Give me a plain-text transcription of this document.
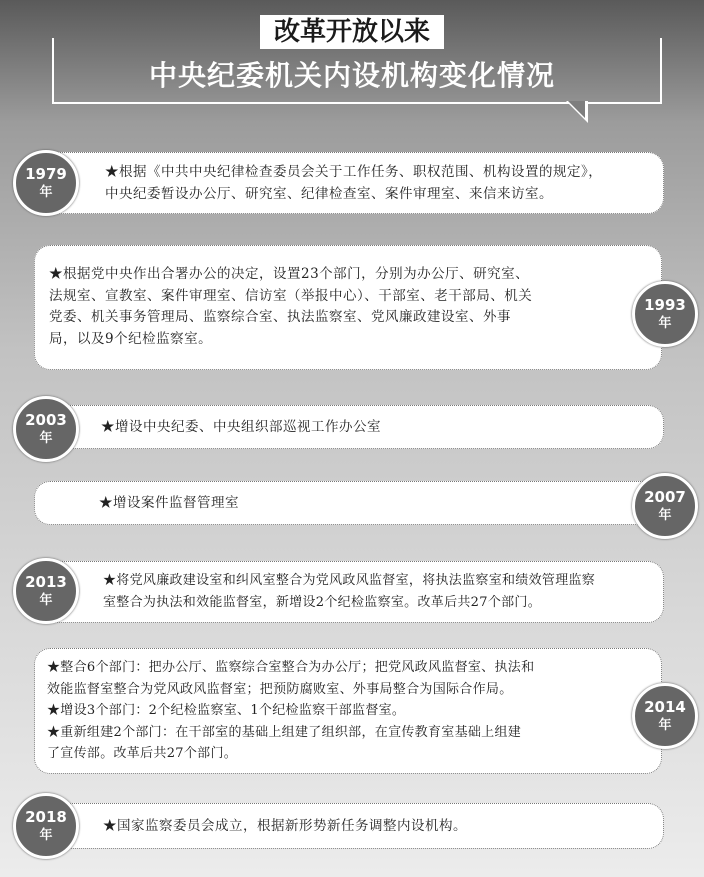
改革开放以来
中央纪委机关内设机构变化情况
★根据《中共中央纪律检查委员会关于工作任务、职权范围、机构设置的规定》，
中央纪委暂设办公厅、研究室、纪律检查室、案件审理室、来信来访室。
1979
年
★根据党中央作出合署办公的决定，设置23个部门，分别为办公厅、研究室、
法规室、宣教室、案件审理室、信访室（举报中心）、干部室、老干部局、机关
党委、机关事务管理局、监察综合室、执法监察室、党风廉政建设室、外事
局，以及9个纪检监察室。
1993
年
★增设中央纪委、中央组织部巡视工作办公室
2003
年
★增设案件监督管理室	2007
年
★将党风廉政建设室和纠风室整合为党风政风监督室，将执法监察室和绩效管理监察
室整合为执法和效能监督室，新增设2个纪检监察室。改革后共27个部门。
2013
年
★整合6个部门：把办公厅、监察综合室整合为办公厅；把党风政风监督室、执法和
效能监督室整合为党风政风监督室；把预防腐败室、外事局整合为国际合作局。
★增设3个部门：2个纪检监察室、1个纪检监察干部监督室。
★重新组建2个部门：在干部室的基础上组建了组织部，在宣传教育室基础上组建
了宣传部。改革后共27个部门。
2014
年
★国家监察委员会成立，根据新形势新任务调整内设机构。
2018
年
